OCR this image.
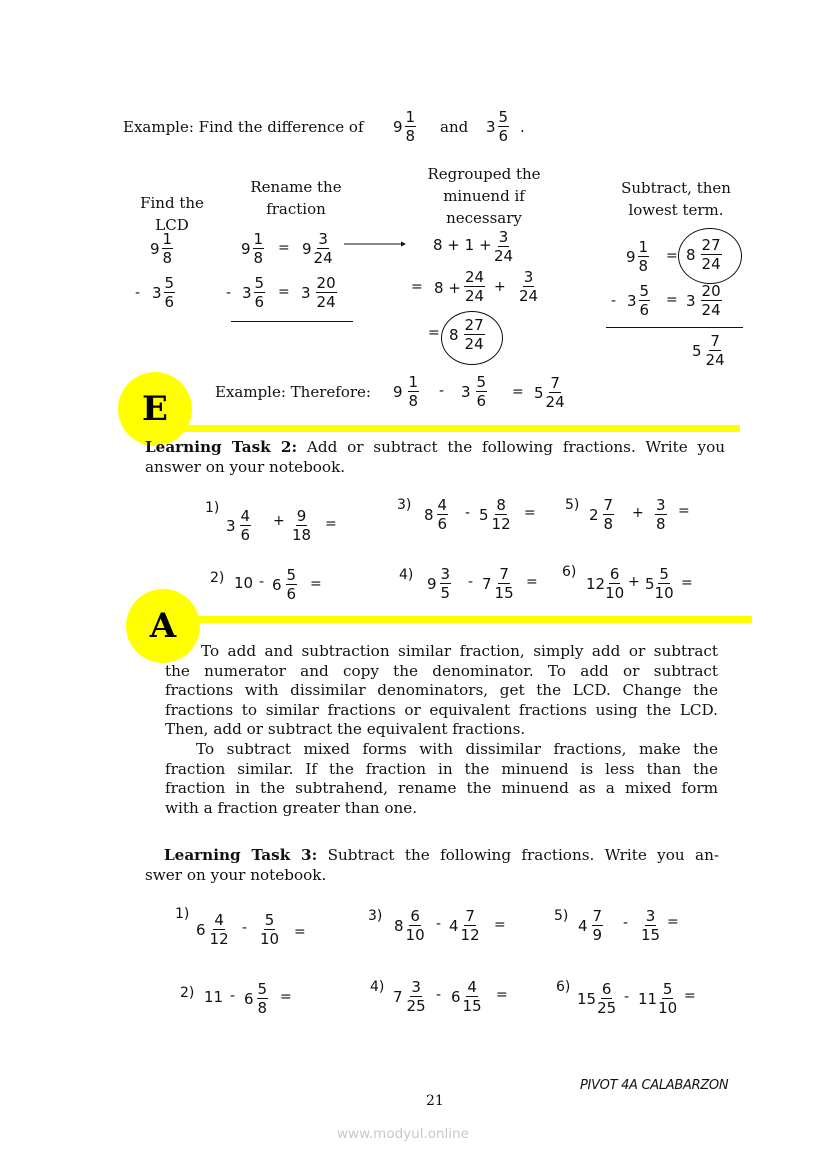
Example: Find the difference of $9 \frac{1}{8}$ and $3 \frac{5}{6}$ .
Find the LCD
Rename the
fraction
Regrouped the
minuend if
necessary
Subtract, then
lowest term.
$9 \frac{1}{8}$
- $3 \frac{5}{6}$
$9 \frac{1}{8} = 9 \frac{3}{24}$
- $3 \frac{5}{6} = 3 \frac{20}{24}$
$8 + 1 + \frac{3}{24}$
= $8 + \frac{24}{24} + \frac{3}{24}$
= $8 \frac{27}{24}$
$9 \frac{1}{8} = 8 \frac{27}{24}$
- $3 \frac{5}{6} = 3 \frac{20}{24}$
$5 \frac{7}{24}$
E	Example: Therefore: $9 \frac{1}{8} - 3 \frac{5}{6} = 5 \frac{7}{24}$
Learning Task 2: Add or subtract the following fractions. Write you
answer on your notebook.
1)
$3 \frac{4}{6} + \frac{9}{18}$ =
2) $10 - 6 \frac{5}{6}$ =
3)
$8 \frac{4}{6} - 5 \frac{8}{12}$ =
4) $9 \frac{3}{5} - 7 \frac{7}{15}$ =
5)
$2 \frac{7}{8} + \frac{3}{8}$ =
6)
$12 \frac{6}{10} + 5 \frac{5}{10}$ =
A
To add and subtraction similar fraction, simply add or subtract
the numerator and copy the denominator. To add or subtract
fractions with dissimilar denominators, get the LCD. Change the
fractions to similar fractions or equivalent fractions using the LCD.
Then, add or subtract the equivalent fractions.
To subtract mixed forms with dissimilar fractions, make the
fraction similar. If the fraction in the minuend is less than the
fraction in the subtrahend, rename the minuend as a mixed form
with a fraction greater than one.
Learning Task 3: Subtract the following fractions. Write you an-
swer on your notebook.
1)
$6 \frac{4}{12} - \frac{5}{10}$ =
2) $11 - 6 \frac{5}{8}$ =
3)
$8 \frac{6}{10} - 4 \frac{7}{12}$ =
4)
$7 \frac{3}{25} - 6 \frac{4}{15}$ =
5)
$4 \frac{7}{9} - \frac{3}{15}$ =
6)
$15 \frac{6}{25} - 11 \frac{5}{10}$ =
PIVOT 4A CALABARZON
21
www.modyul.online
